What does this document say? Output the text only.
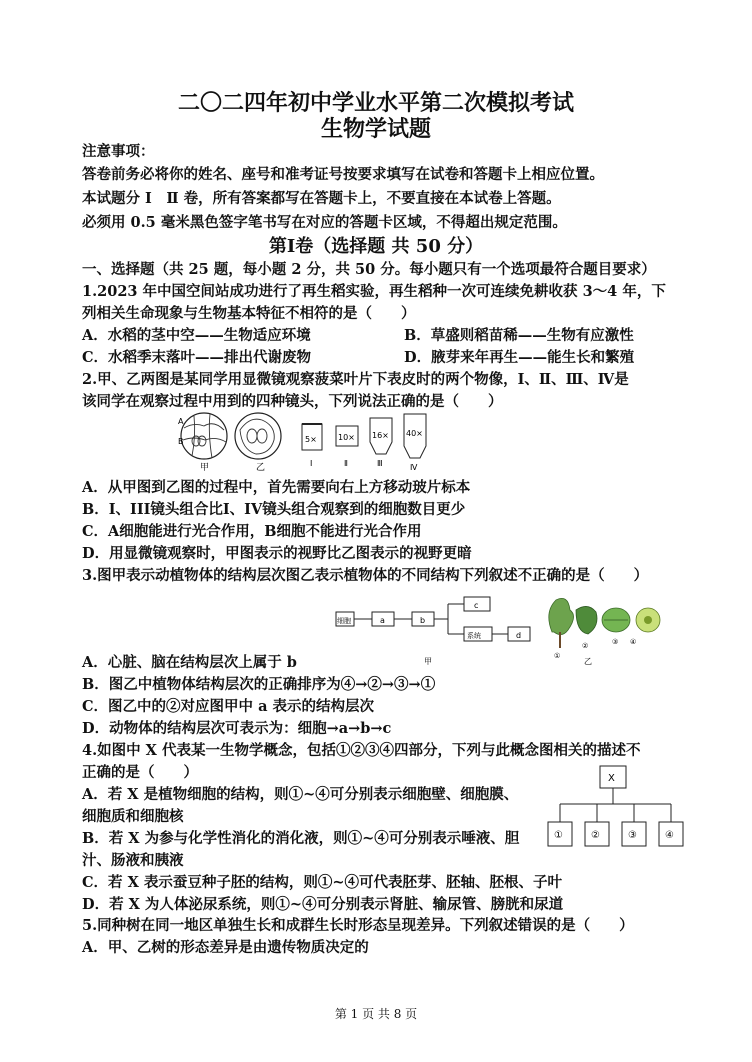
二〇二四年初中学业水平第二次模拟考试
生物学试题
注意事项：
答卷前务必将你的姓名、座号和准考证号按要求填写在试卷和答题卡上相应位置。
本试题分 Ⅰ　Ⅱ 卷，所有答案都写在答题卡上，不要直接在本试卷上答题。
必须用 0.5 毫米黑色签字笔书写在对应的答题卡区域，不得超出规定范围。
第Ⅰ卷（选择题 共 50 分）
一、选择题（共 25 题，每小题 2 分，共 50 分。每小题只有一个选项最符合题目要求）
1.2023 年中国空间站成功进行了再生稻实验，再生稻种一次可连续免耕收获 3～4 年，下
列相关生命现象与生物基本特征不相符的是（　　）
A．水稻的茎中空——生物适应环境	B．草盛则稻苗稀——生物有应激性
C．水稻季末落叶——排出代谢废物	D．腋芽来年再生——能生长和繁殖
2.甲、乙两图是某同学用显微镜观察菠菜叶片下表皮时的两个物像，Ⅰ、Ⅱ、Ⅲ、Ⅳ是
该同学在观察过程中用到的四种镜头，下列说法正确的是（　　）
A
B
甲	乙
5×
Ⅰ
10×
Ⅱ
16×
Ⅲ
40×
Ⅳ
A．从甲图到乙图的过程中，首先需要向右上方移动玻片标本
B．I、III镜头组合比I、IV镜头组合观察到的细胞数目更少
C．A细胞能进行光合作用，B细胞不能进行光合作用
D．用显微镜观察时，甲图表示的视野比乙图表示的视野更暗
3.图甲表示动植物体的结构层次图乙表示植物体的不同结构下列叙述不正确的是（　　）
细胞	a	b
c
系统	d
甲
①
②	③ ④
乙
A．心脏、脑在结构层次上属于 b
B．图乙中植物体结构层次的正确排序为④→②→③→①
C．图乙中的②对应图甲中 a 表示的结构层次
D．动物体的结构层次可表示为：细胞→a→b→c
4.如图中 X 代表某一生物学概念，包括①②③④四部分，下列与此概念图相关的描述不
正确的是（　　）	X
①	②	③	④
A．若 X 是植物细胞的结构，则①~④可分别表示细胞壁、细胞膜、
细胞质和细胞核
B．若 X 为参与化学性消化的消化液，则①~④可分别表示唾液、胆
汁、肠液和胰液
C．若 X 表示蚕豆种子胚的结构，则①~④可代表胚芽、胚轴、胚根、子叶
D．若 X 为人体泌尿系统，则①~④可分别表示肾脏、输尿管、膀胱和尿道
5.同种树在同一地区单独生长和成群生长时形态呈现差异。下列叙述错误的是（　　）
A．甲、乙树的形态差异是由遗传物质决定的
第 1 页 共 8 页
